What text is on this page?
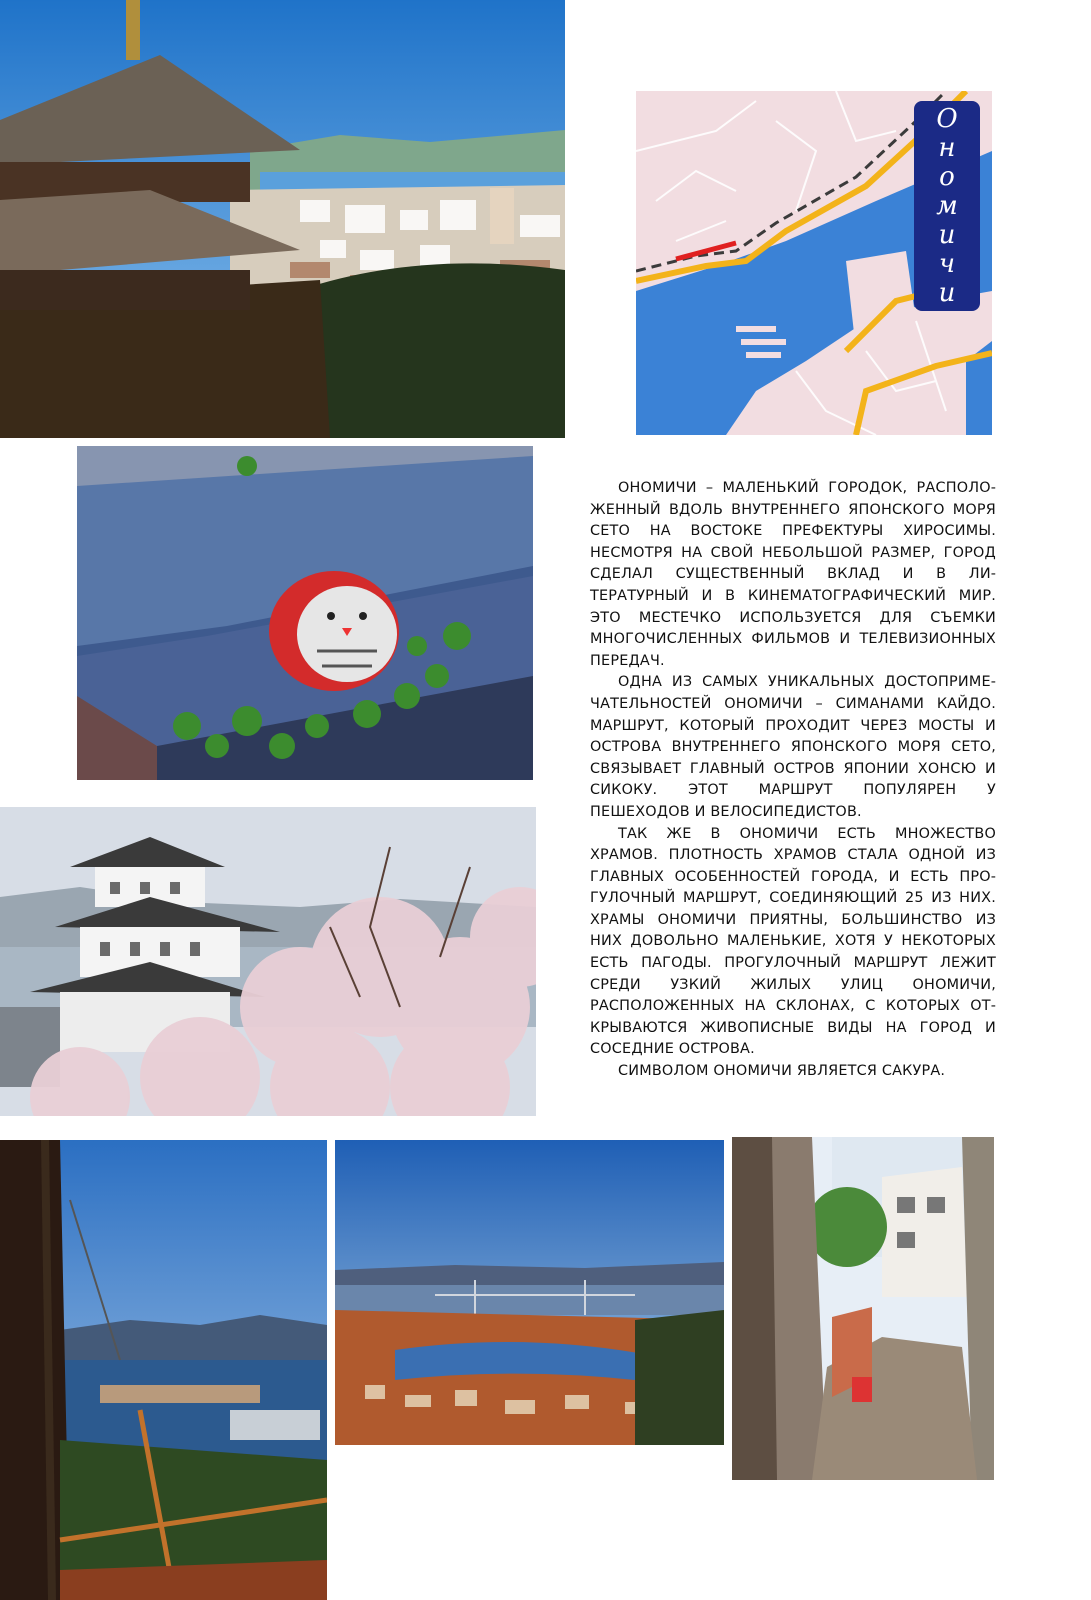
О
н
о
м
и
ч
и

ОНОМИЧИ – МАЛЕНЬКИЙ ГОРОДОК, РАСПОЛОЖЕННЫЙ ВДОЛЬ ВНУТРЕННЕГО ЯПОНСКОГО МОРЯ СЕТО НА ВОСТОКЕ ПРЕФЕКТУРЫ ХИРОСИМЫ. НЕСМОТРЯ НА СВОЙ НЕБОЛЬШОЙ РАЗМЕР, ГОРОД СДЕЛАЛ СУЩЕСТВЕННЫЙ ВКЛАД И В ЛИТЕРАТУРНЫЙ И В КИНЕМАТОГРАФИЧЕСКИЙ МИР. ЭТО МЕСТЕЧКО ИСПОЛЬЗУЕТСЯ ДЛЯ СЪЕМКИ МНОГОЧИСЛЕННЫХ ФИЛЬМОВ И ТЕЛЕВИЗИОННЫХ ПЕРЕДАЧ.

ОДНА ИЗ САМЫХ УНИКАЛЬНЫХ ДОСТОПРИМЕЧАТЕЛЬНОСТЕЙ ОНОМИЧИ – СИМАНАМИ КАЙДО. МАРШРУТ, КОТОРЫЙ ПРОХОДИТ ЧЕРЕЗ МОСТЫ И ОСТРОВА ВНУТРЕННЕГО ЯПОНСКОГО МОРЯ СЕТО, СВЯЗЫВАЕТ ГЛАВНЫЙ ОСТРОВ ЯПОНИИ ХОНСЮ И СИКОКУ. ЭТОТ МАРШРУТ ПОПУЛЯРЕН У ПЕШЕХОДОВ И ВЕЛОСИПЕДИСТОВ.

ТАК ЖЕ В ОНОМИЧИ ЕСТЬ МНОЖЕСТВО ХРАМОВ. ПЛОТНОСТЬ ХРАМОВ СТАЛА ОДНОЙ ИЗ ГЛАВНЫХ ОСОБЕННОСТЕЙ ГОРОДА, И ЕСТЬ ПРОГУЛОЧНЫЙ МАРШРУТ, СОЕДИНЯЮЩИЙ 25 ИЗ НИХ. ХРАМЫ ОНОМИЧИ ПРИЯТНЫ, БОЛЬШИНСТВО ИЗ НИХ ДОВОЛЬНО МАЛЕНЬКИЕ, ХОТЯ У НЕКОТОРЫХ ЕСТЬ ПАГОДЫ. ПРОГУЛОЧНЫЙ МАРШРУТ ЛЕЖИТ СРЕДИ УЗКИЙ ЖИЛЫХ УЛИЦ ОНОМИЧИ, РАСПОЛОЖЕННЫХ НА СКЛОНАХ, С КОТОРЫХ ОТКРЫВАЮТСЯ ЖИВОПИСНЫЕ ВИДЫ НА ГОРОД И СОСЕДНИЕ ОСТРОВА.

СИМВОЛОМ ОНОМИЧИ ЯВЛЯЕТСЯ САКУРА.
